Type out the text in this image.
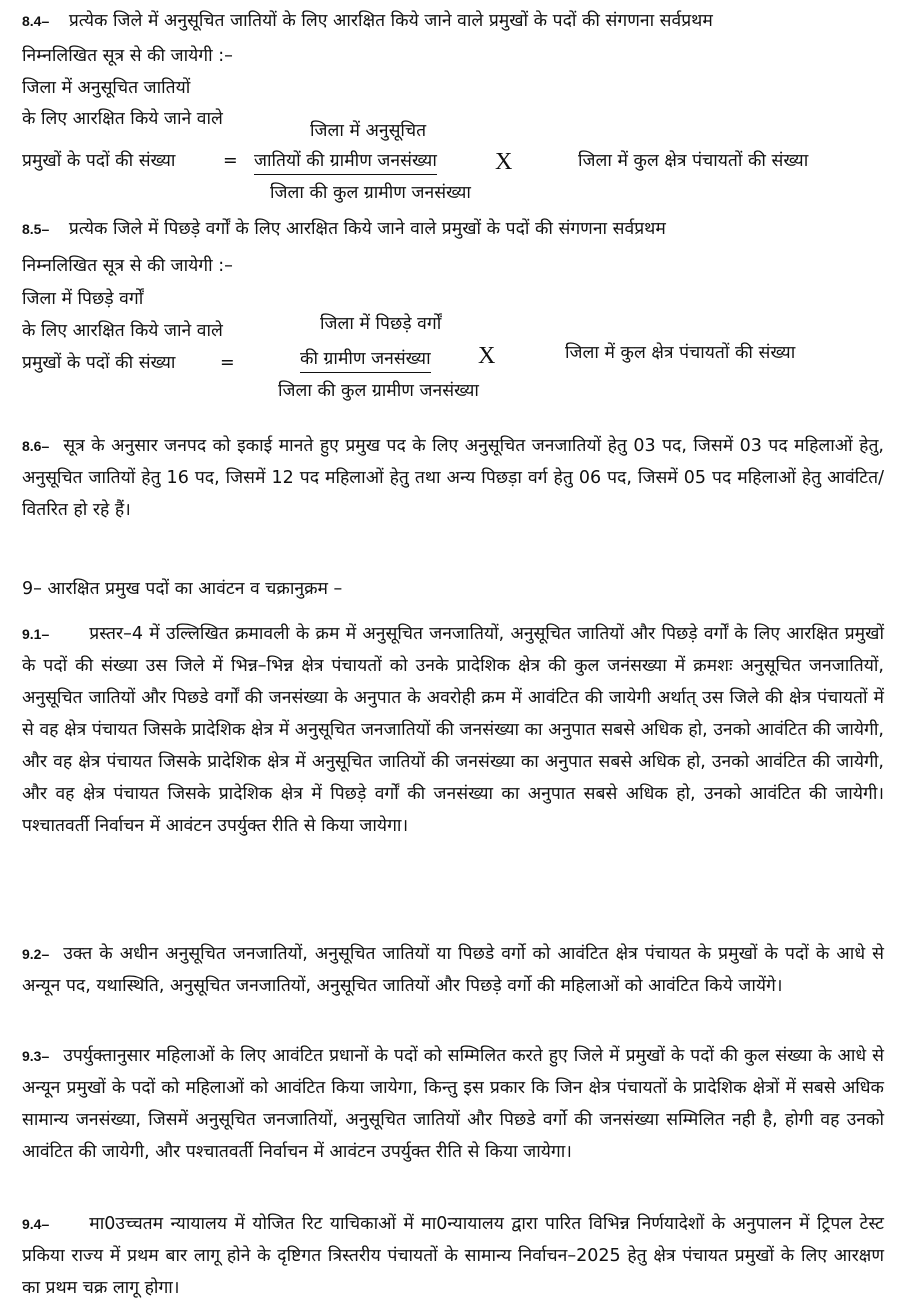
8.4– प्रत्येक जिले में अनुसूचित जातियों के लिए आरक्षित किये जाने वाले प्रमुखों के पदों की संगणना सर्वप्रथम
निम्नलिखित सूत्र से की जायेगी :–
जिला में अनुसूचित जातियों
के लिए आरक्षित किये जाने वाले
प्रमुखों के पदों की संख्या	=
जिला में अनुसूचित
जातियों की ग्रामीण जनसंख्या X
जिला की कुल ग्रामीण जनसंख्या
जिला में कुल क्षेत्र पंचायतों की संख्या
8.5– प्रत्येक जिले में पिछड़े वर्गों के लिए आरक्षित किये जाने वाले प्रमुखों के पदों की संगणना सर्वप्रथम
निम्नलिखित सूत्र से की जायेगी :–
जिला में पिछड़े वर्गों
के लिए आरक्षित किये जाने वाले
प्रमुखों के पदों की संख्या	=
जिला में पिछड़े वर्गों
की ग्रामीण जनसंख्या X
जिला की कुल ग्रामीण जनसंख्या
जिला में कुल क्षेत्र पंचायतों की संख्या
8.6– सूत्र के अनुसार जनपद को इकाई मानते हुए प्रमुख पद के लिए अनुसूचित जनजातियों हेतु 03 पद, जिसमें 03 पद महिलाओं हेतु, अनुसूचित जातियों हेतु 16 पद, जिसमें 12 पद महिलाओं हेतु तथा अन्य पिछड़ा वर्ग हेतु 06 पद, जिसमें 05 पद महिलाओं हेतु आवंटित/वितरित हो रहे हैं।
9– आरक्षित प्रमुख पदों का आवंटन व चक्रानुक्रम –
9.1– प्रस्तर–4 में उल्लिखित क्रमावली के क्रम में अनुसूचित जनजातियों, अनुसूचित जातियों और पिछड़े वर्गों के लिए आरक्षित प्रमुखों के पदों की संख्या उस जिले में भिन्न–भिन्न क्षेत्र पंचायतों को उनके प्रादेशिक क्षेत्र की कुल जनंसख्या में क्रमशः अनुसूचित जनजातियों, अनुसूचित जातियों और पिछडे वर्गों की जनसंख्या के अनुपात के अवरोही क्रम में आवंटित की जायेगी अर्थात् उस जिले की क्षेत्र पंचायतों में से वह क्षेत्र पंचायत जिसके प्रादेशिक क्षेत्र में अनुसूचित जनजातियों की जनसंख्या का अनुपात सबसे अधिक हो, उनको आवंटित की जायेगी, और वह क्षेत्र पंचायत जिसके प्रादेशिक क्षेत्र में अनुसूचित जातियों की जनसंख्या का अनुपात सबसे अधिक हो, उनको आवंटित की जायेगी, और वह क्षेत्र पंचायत जिसके प्रादेशिक क्षेत्र में पिछड़े वर्गों की जनसंख्या का अनुपात सबसे अधिक हो, उनको आवंटित की जायेगी। पश्चातवर्ती निर्वाचन में आवंटन उपर्युक्त रीति से किया जायेगा।
9.2– उक्त के अधीन अनुसूचित जनजातियों, अनुसूचित जातियों या पिछडे वर्गो को आवंटित क्षेत्र पंचायत के प्रमुखों के पदों के आधे से अन्यून पद, यथास्थिति, अनुसूचित जनजातियों, अनुसूचित जातियों और पिछड़े वर्गो की महिलाओं को आवंटित किये जायेंगे।
9.3– उपर्युक्तानुसार महिलाओं के लिए आवंटित प्रधानों के पदों को सम्मिलित करते हुए जिले में प्रमुखों के पदों की कुल संख्या के आधे से अन्यून प्रमुखों के पदों को महिलाओं को आवंटित किया जायेगा, किन्तु इस प्रकार कि जिन क्षेत्र पंचायतों के प्रादेशिक क्षेत्रों में सबसे अधिक सामान्य जनसंख्या, जिसमें अनुसूचित जनजातियों, अनुसूचित जातियों और पिछडे वर्गो की जनसंख्या सम्मिलित नही है, होगी वह उनको आवंटित की जायेगी, और पश्चातवर्ती निर्वाचन में आवंटन उपर्युक्त रीति से किया जायेगा।
9.4– मा0उच्चतम न्यायालय में योजित रिट याचिकाओं में मा0न्यायालय द्वारा पारित विभिन्न निर्णयादेशों के अनुपालन में ट्रिपल टेस्ट प्रकिया राज्य में प्रथम बार लागू होने के दृष्टिगत त्रिस्तरीय पंचायतों के सामान्य निर्वाचन–2025 हेतु क्षेत्र पंचायत प्रमुखों के लिए आरक्षण का प्रथम चक्र लागू होगा।
